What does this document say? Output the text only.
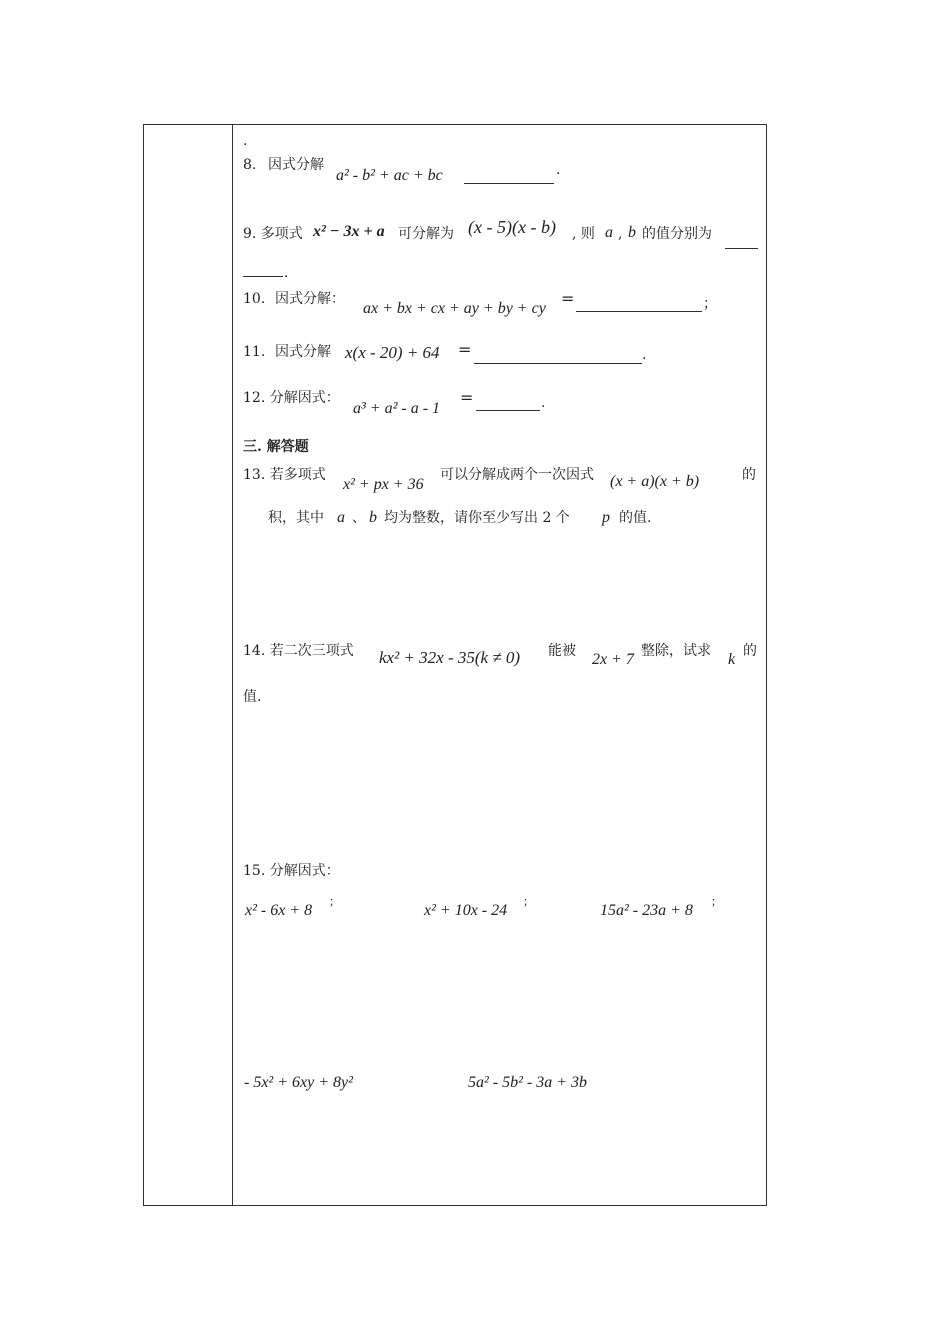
.
8. 因式分解
a² - b² + ac + bc	.
9. 多项式 x² − 3x + a 可分解为 (x - 5)(x - b) , 则 a , b 的值分别为
.
10. 因式分解：
ax + bx + cx + ay + by + cy
=	；
11. 因式分解 x(x - 20) + 64 =	.
12. 分解因式：
a³ + a² - a - 1
=	.
三. 解答题
13. 若多项式
x² + px + 36
可以分解成两个一次因式 (x + a)(x + b)	的
积，其中 a 、 b 均为整数，请你至少写出 2 个 p 的值.
14. 若二次三项式 kx² + 32x - 35(k ≠ 0) 能被 2x + 7 整除，试求 k 的
值.
15. 分解因式：
x² - 6x + 8
；
x² + 10x - 24
；
15a² - 23a + 8
；
- 5x² + 6xy + 8y²	5a² - 5b² - 3a + 3b
